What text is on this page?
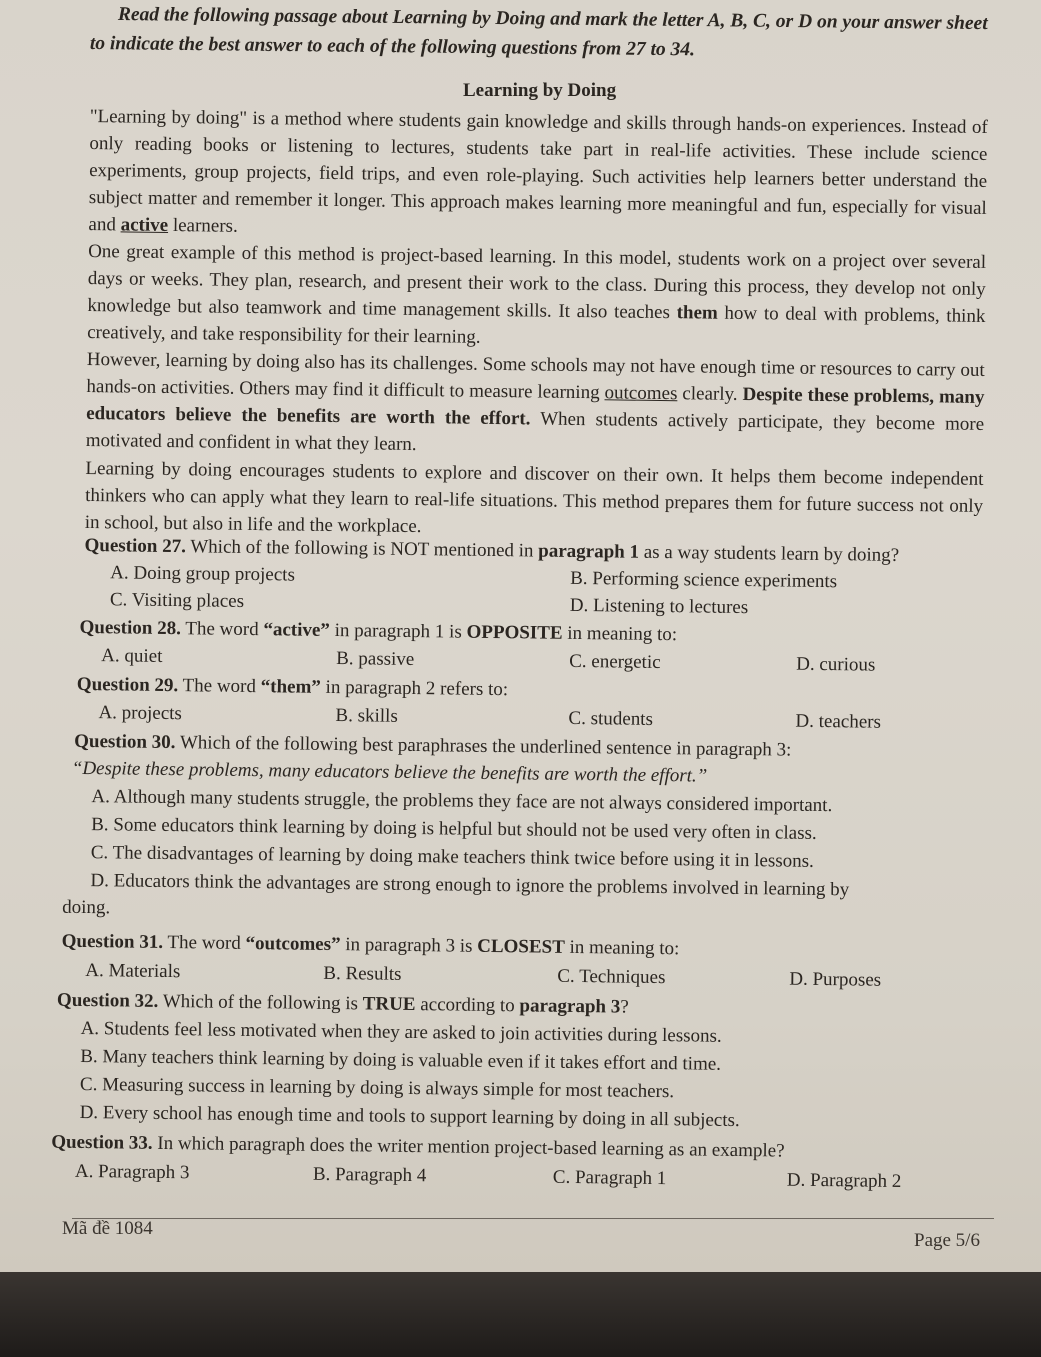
Read the following passage about Learning by Doing and mark the letter A, B, C, or D on your answer sheet
to indicate the best answer to each of the following questions from 27 to 34.
Learning by Doing
"Learning by doing" is a method where students gain knowledge and skills through hands-on experiences. Instead of only reading books or listening to lectures, students take part in real-life activities. These include science experiments, group projects, field trips, and even role-playing. Such activities help learners better understand the subject matter and remember it longer. This approach makes learning more meaningful and fun, especially for visual and active learners.
One great example of this method is project-based learning. In this model, students work on a project over several days or weeks. They plan, research, and present their work to the class. During this process, they develop not only knowledge but also teamwork and time management skills. It also teaches them how to deal with problems, think creatively, and take responsibility for their learning.
However, learning by doing also has its challenges. Some schools may not have enough time or resources to carry out hands-on activities. Others may find it difficult to measure learning outcomes clearly. Despite these problems, many educators believe the benefits are worth the effort. When students actively participate, they become more motivated and confident in what they learn.
Learning by doing encourages students to explore and discover on their own. It helps them become independent thinkers who can apply what they learn to real-life situations. This method prepares them for future success not only in school, but also in life and the workplace.
Question 27. Which of the following is NOT mentioned in paragraph 1 as a way students learn by doing?
A. Doing group projects	B. Performing science experiments
C. Visiting places	D. Listening to lectures
Question 28. The word “active” in paragraph 1 is OPPOSITE in meaning to:
A. quiet	B. passive	C. energetic	D. curious
Question 29. The word “them” in paragraph 2 refers to:
A. projects	B. skills	C. students	D. teachers
Question 30. Which of the following best paraphrases the underlined sentence in paragraph 3:
“Despite these problems, many educators believe the benefits are worth the effort.”
A. Although many students struggle, the problems they face are not always considered important.
B. Some educators think learning by doing is helpful but should not be used very often in class.
C. The disadvantages of learning by doing make teachers think twice before using it in lessons.
D. Educators think the advantages are strong enough to ignore the problems involved in learning by
doing.
Question 31. The word “outcomes” in paragraph 3 is CLOSEST in meaning to:
A. Materials	B. Results	C. Techniques	D. Purposes
Question 32. Which of the following is TRUE according to paragraph 3?
A. Students feel less motivated when they are asked to join activities during lessons.
B. Many teachers think learning by doing is valuable even if it takes effort and time.
C. Measuring success in learning by doing is always simple for most teachers.
D. Every school has enough time and tools to support learning by doing in all subjects.
Question 33. In which paragraph does the writer mention project-based learning as an example?
A. Paragraph 3	B. Paragraph 4	C. Paragraph 1	D. Paragraph 2
Mã đề 1084
Page 5/6
